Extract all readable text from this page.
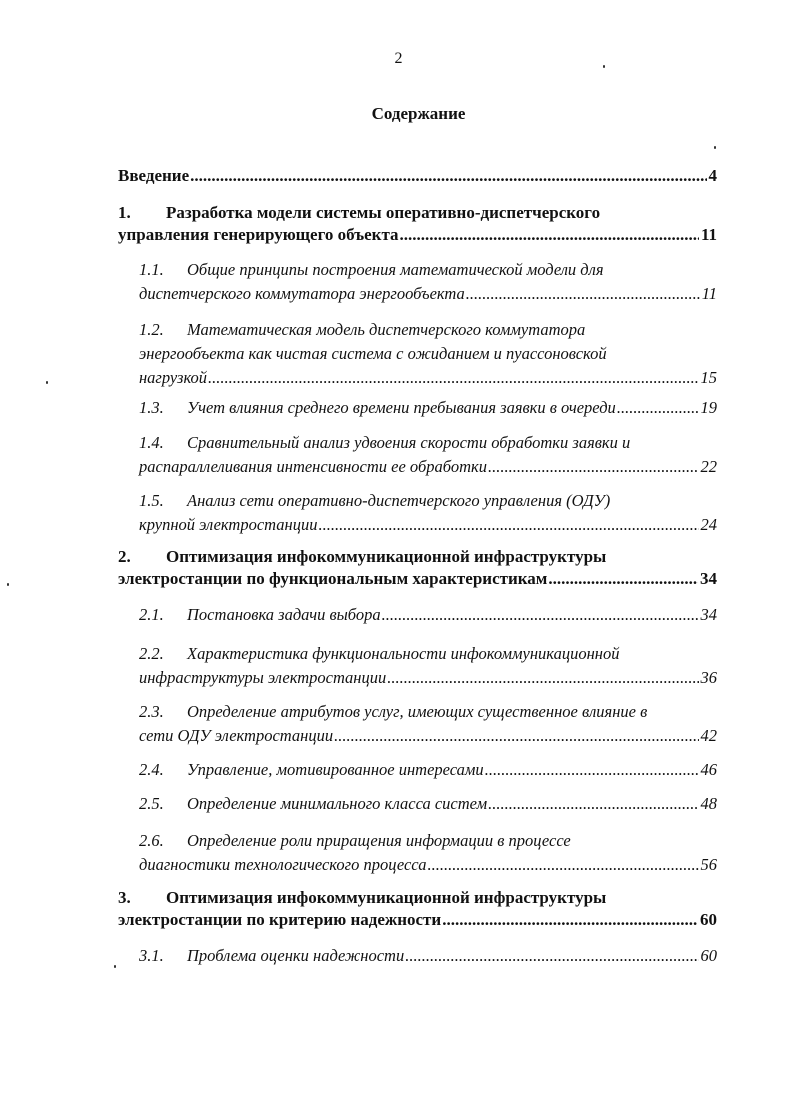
2
Содержание
Введение .....	4
1. Разработка модели системы оперативно-диспетчерского
управления генерирующего объекта .....	11
1.1. Общие принципы построения математической модели для
диспетчерского коммутатора энергообъекта .....	11
1.2. Математическая модель диспетчерского коммутатора
энергообъекта как чистая система с ожиданием и пуассоновской
нагрузкой .....	15
1.3. Учет влияния среднего времени пребывания заявки в очереди .....	19
1.4. Сравнительный анализ удвоения скорости обработки заявки и
распараллеливания интенсивности ее обработки .....	22
1.5. Анализ сети оперативно-диспетчерского управления (ОДУ)
крупной электростанции .....	24
2. Оптимизация инфокоммуникационной инфраструктуры
электростанции по функциональным характеристикам .....	34
2.1. Постановка задачи выбора .....	34
2.2. Характеристика функциональности инфокоммуникационной
инфраструктуры электростанции .....	36
2.3. Определение атрибутов услуг, имеющих существенное влияние в
сети ОДУ электростанции .....	42
2.4. Управление, мотивированное интересами .....	46
2.5. Определение минимального класса систем .....	48
2.6. Определение роли приращения информации в процессе
диагностики технологического процесса .....	56
3. Оптимизация инфокоммуникационной инфраструктуры
электростанции по критерию надежности .....	60
3.1. Проблема оценки надежности .....	60
